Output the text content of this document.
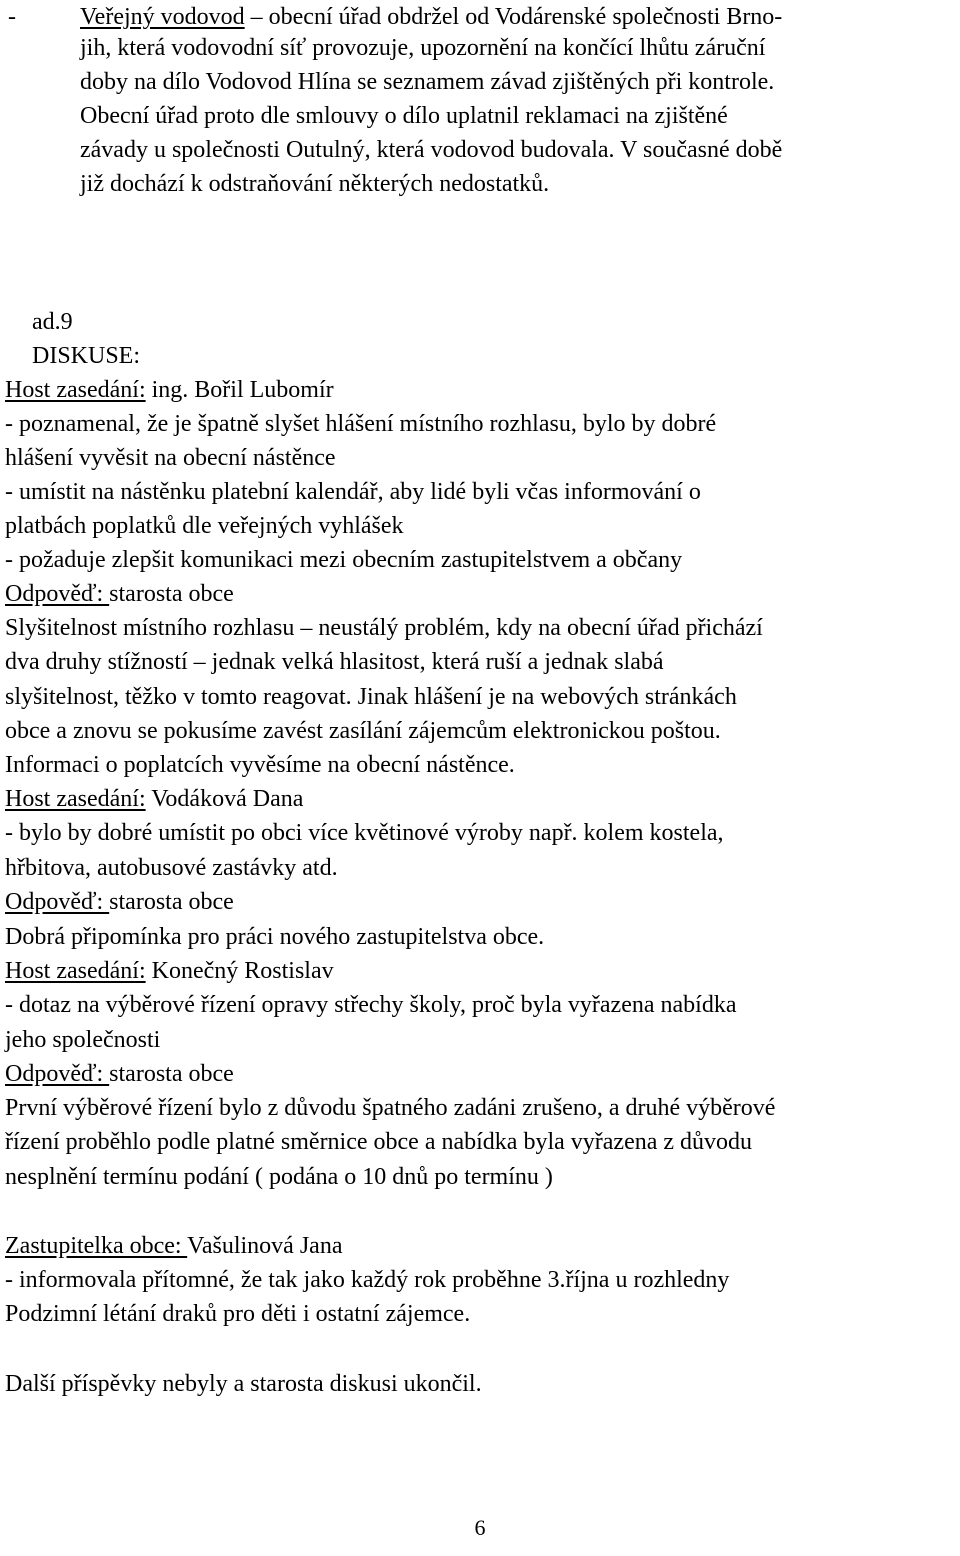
-	Veřejný vodovod – obecní úřad obdržel od Vodárenské společnosti Brno-
jih, která vodovodní síť provozuje, upozornění na končící lhůtu záruční
doby na dílo Vodovod Hlína se seznamem závad zjištěných při kontrole.
Obecní úřad proto dle smlouvy o dílo uplatnil reklamaci na zjištěné
závady u společnosti Outulný, která vodovod budovala. V současné době
již dochází k odstraňování některých nedostatků.
ad.9
DISKUSE:
Host zasedání: ing. Bořil Lubomír
- poznamenal, že je špatně slyšet hlášení místního rozhlasu, bylo by dobré
hlášení vyvěsit na obecní nástěnce
- umístit na nástěnku platební kalendář, aby lidé byli včas informování o
platbách poplatků dle veřejných vyhlášek
- požaduje zlepšit komunikaci mezi obecním zastupitelstvem a občany
Odpověď: starosta obce
Slyšitelnost místního rozhlasu – neustálý problém, kdy na obecní úřad přichází
dva druhy stížností – jednak velká hlasitost, která ruší a jednak slabá
slyšitelnost, těžko v tomto reagovat. Jinak hlášení je na webových stránkách
obce a znovu se pokusíme zavést zasílání zájemcům elektronickou poštou.
Informaci o poplatcích vyvěsíme na obecní nástěnce.
Host zasedání: Vodáková Dana
- bylo by dobré umístit po obci více květinové výroby např. kolem kostela,
hřbitova, autobusové zastávky atd.
Odpověď: starosta obce
Dobrá připomínka pro práci nového zastupitelstva obce.
Host zasedání: Konečný Rostislav
- dotaz na výběrové řízení opravy střechy školy, proč byla vyřazena nabídka
jeho společnosti
Odpověď: starosta obce
První výběrové řízení bylo z důvodu špatného zadáni zrušeno, a druhé výběrové
řízení proběhlo podle platné směrnice obce a nabídka byla vyřazena z důvodu
nesplnění termínu podání ( podána o 10 dnů po termínu )
Zastupitelka obce: Vašulinová Jana
- informovala přítomné, že tak jako každý rok proběhne 3.října u rozhledny
Podzimní létání draků pro děti i ostatní zájemce.
Další příspěvky nebyly a starosta diskusi ukončil.
6
